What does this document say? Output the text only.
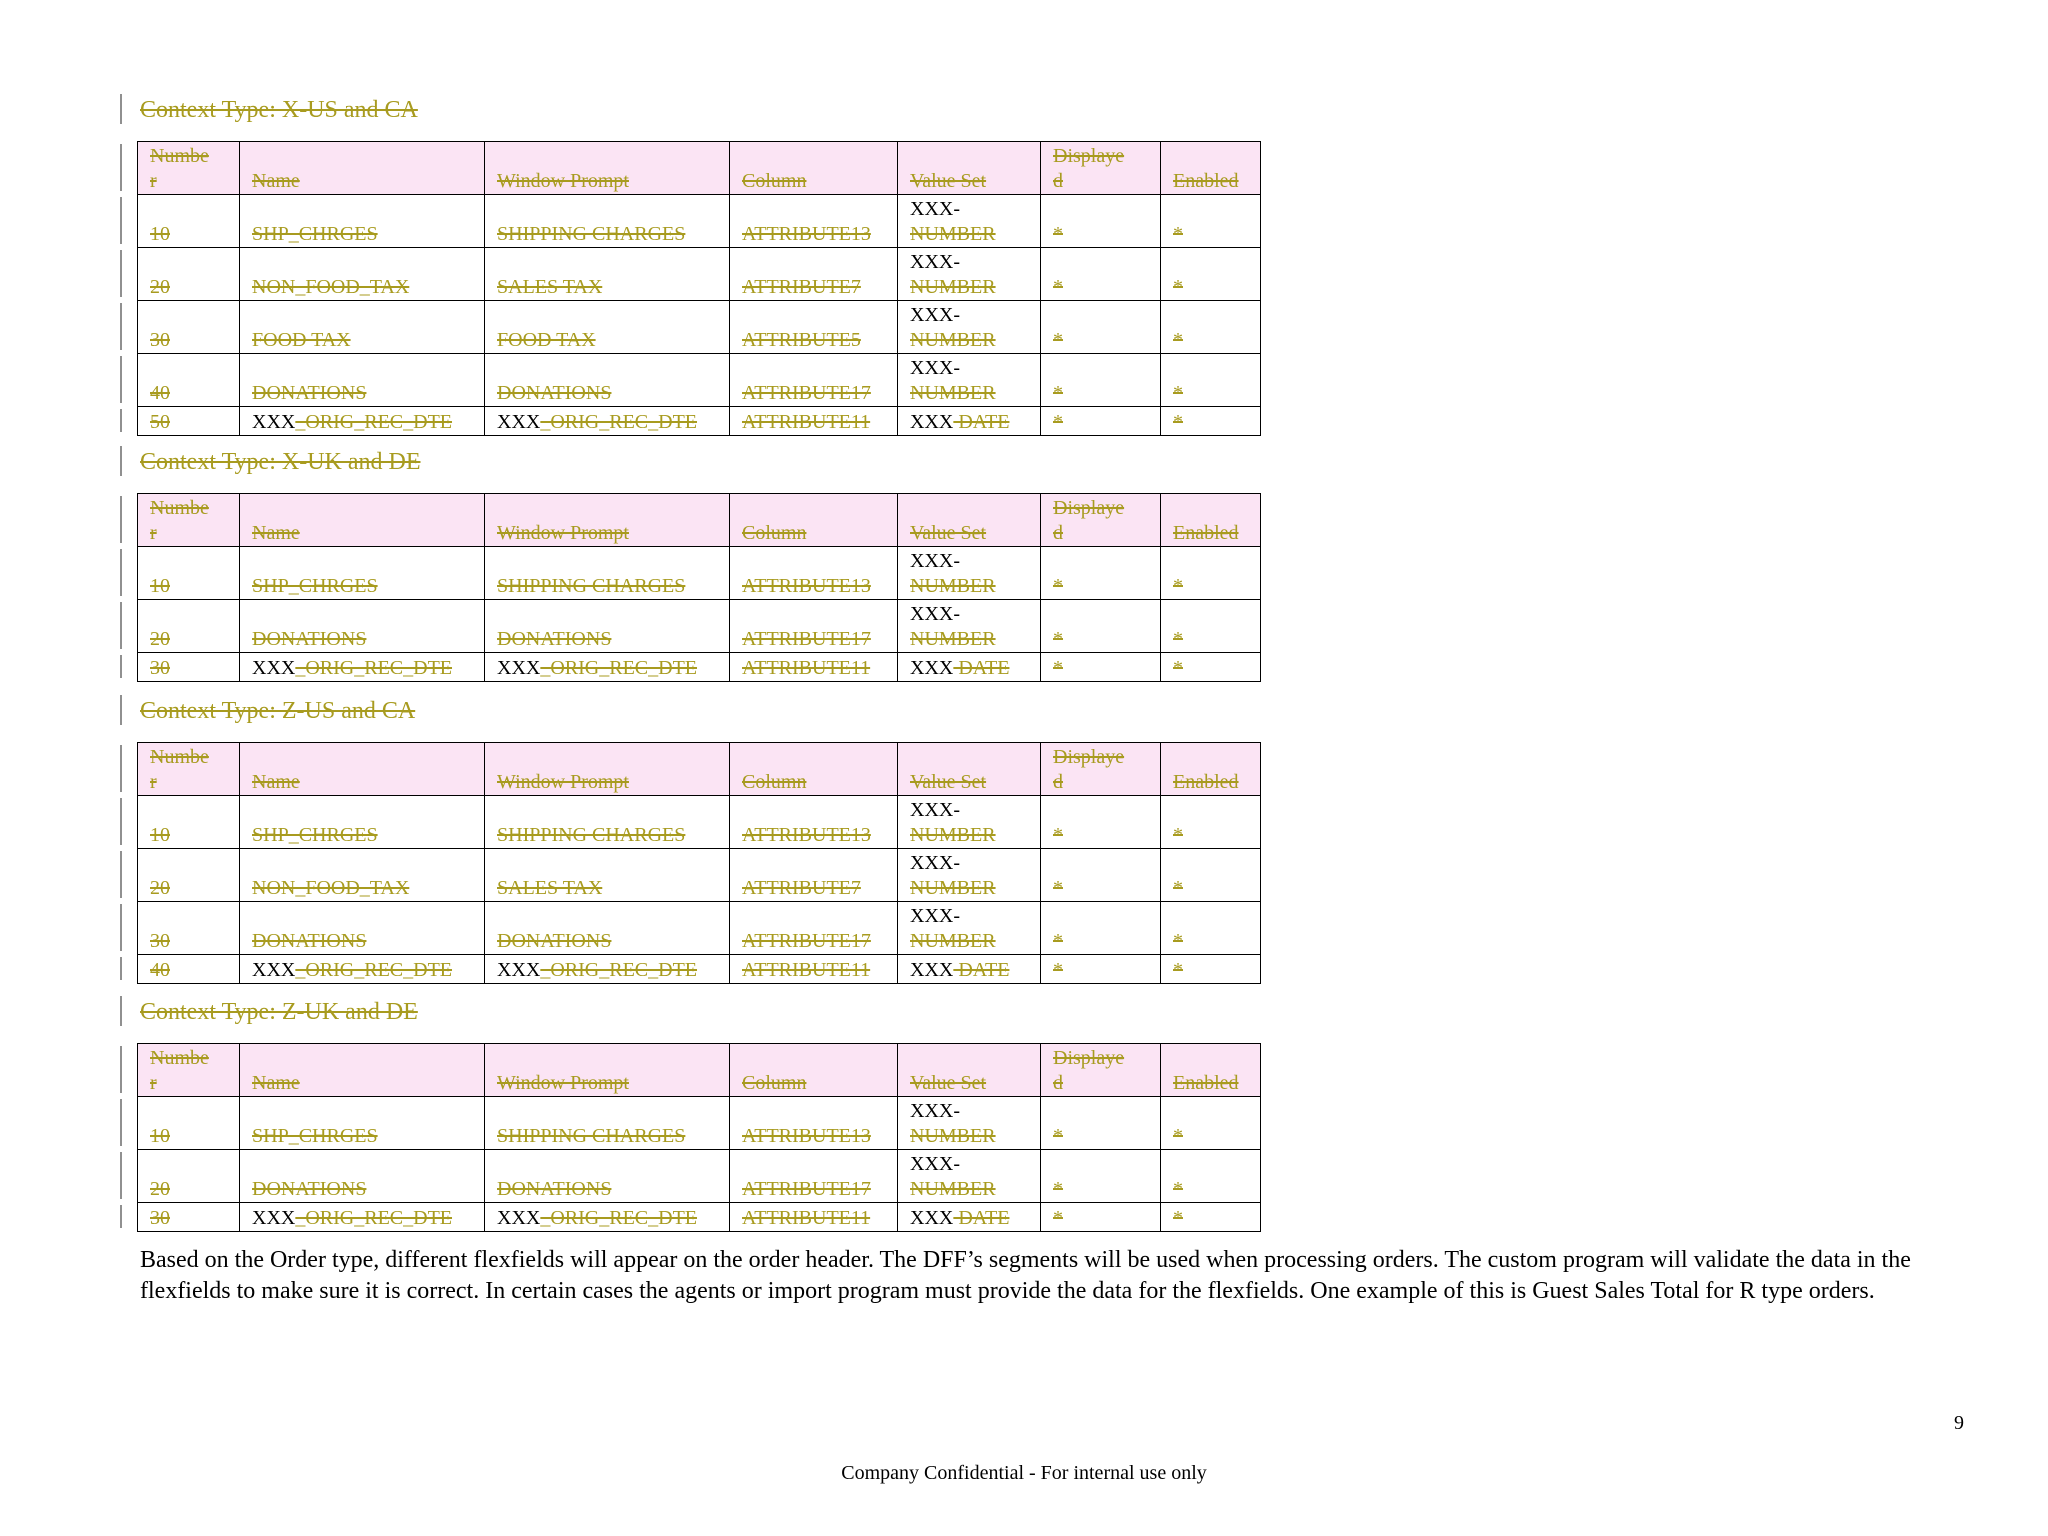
Context Type: X-US and CA
Numbe
r	Name	Window Prompt	Column	Value Set	Displaye
d	Enabled
10	SHP_CHRGES	SHIPPING CHARGES	ATTRIBUTE13	XXX-
NUMBER	*	*
20	NON_FOOD_TAX	SALES TAX	ATTRIBUTE7	XXX-
NUMBER	*	*
30	FOOD TAX	FOOD TAX	ATTRIBUTE5	XXX-
NUMBER	*	*
40	DONATIONS	DONATIONS	ATTRIBUTE17	XXX-
NUMBER	*	*
50	XXX_ORIG_REC_DTE	XXX_ORIG_REC_DTE	ATTRIBUTE11	XXX DATE	*	*
Context Type: X-UK and DE
Numbe
r	Name	Window Prompt	Column	Value Set	Displaye
d	Enabled
10	SHP_CHRGES	SHIPPING CHARGES	ATTRIBUTE13	XXX-
NUMBER	*	*
20	DONATIONS	DONATIONS	ATTRIBUTE17	XXX-
NUMBER	*	*
30	XXX_ORIG_REC_DTE	XXX_ORIG_REC_DTE	ATTRIBUTE11	XXX DATE	*	*
Context Type: Z-US and CA
Numbe
r	Name	Window Prompt	Column	Value Set	Displaye
d	Enabled
10	SHP_CHRGES	SHIPPING CHARGES	ATTRIBUTE13	XXX-
NUMBER	*	*
20	NON_FOOD_TAX	SALES TAX	ATTRIBUTE7	XXX-
NUMBER	*	*
30	DONATIONS	DONATIONS	ATTRIBUTE17	XXX-
NUMBER	*	*
40	XXX_ORIG_REC_DTE	XXX_ORIG_REC_DTE	ATTRIBUTE11	XXX DATE	*	*
Context Type: Z-UK and DE
Numbe
r	Name	Window Prompt	Column	Value Set	Displaye
d	Enabled
10	SHP_CHRGES	SHIPPING CHARGES	ATTRIBUTE13	XXX-
NUMBER	*	*
20	DONATIONS	DONATIONS	ATTRIBUTE17	XXX-
NUMBER	*	*
30	XXX_ORIG_REC_DTE	XXX_ORIG_REC_DTE	ATTRIBUTE11	XXX DATE	*	*
Based on the Order type, different flexfields will appear on the order header. The DFF’s segments will be used when processing orders. The custom program will validate the data in the flexfields to make sure it is correct. In certain cases the agents or import program must provide the data for the flexfields. One example of this is Guest Sales Total for R type orders.
9
Company Confidential - For internal use only
